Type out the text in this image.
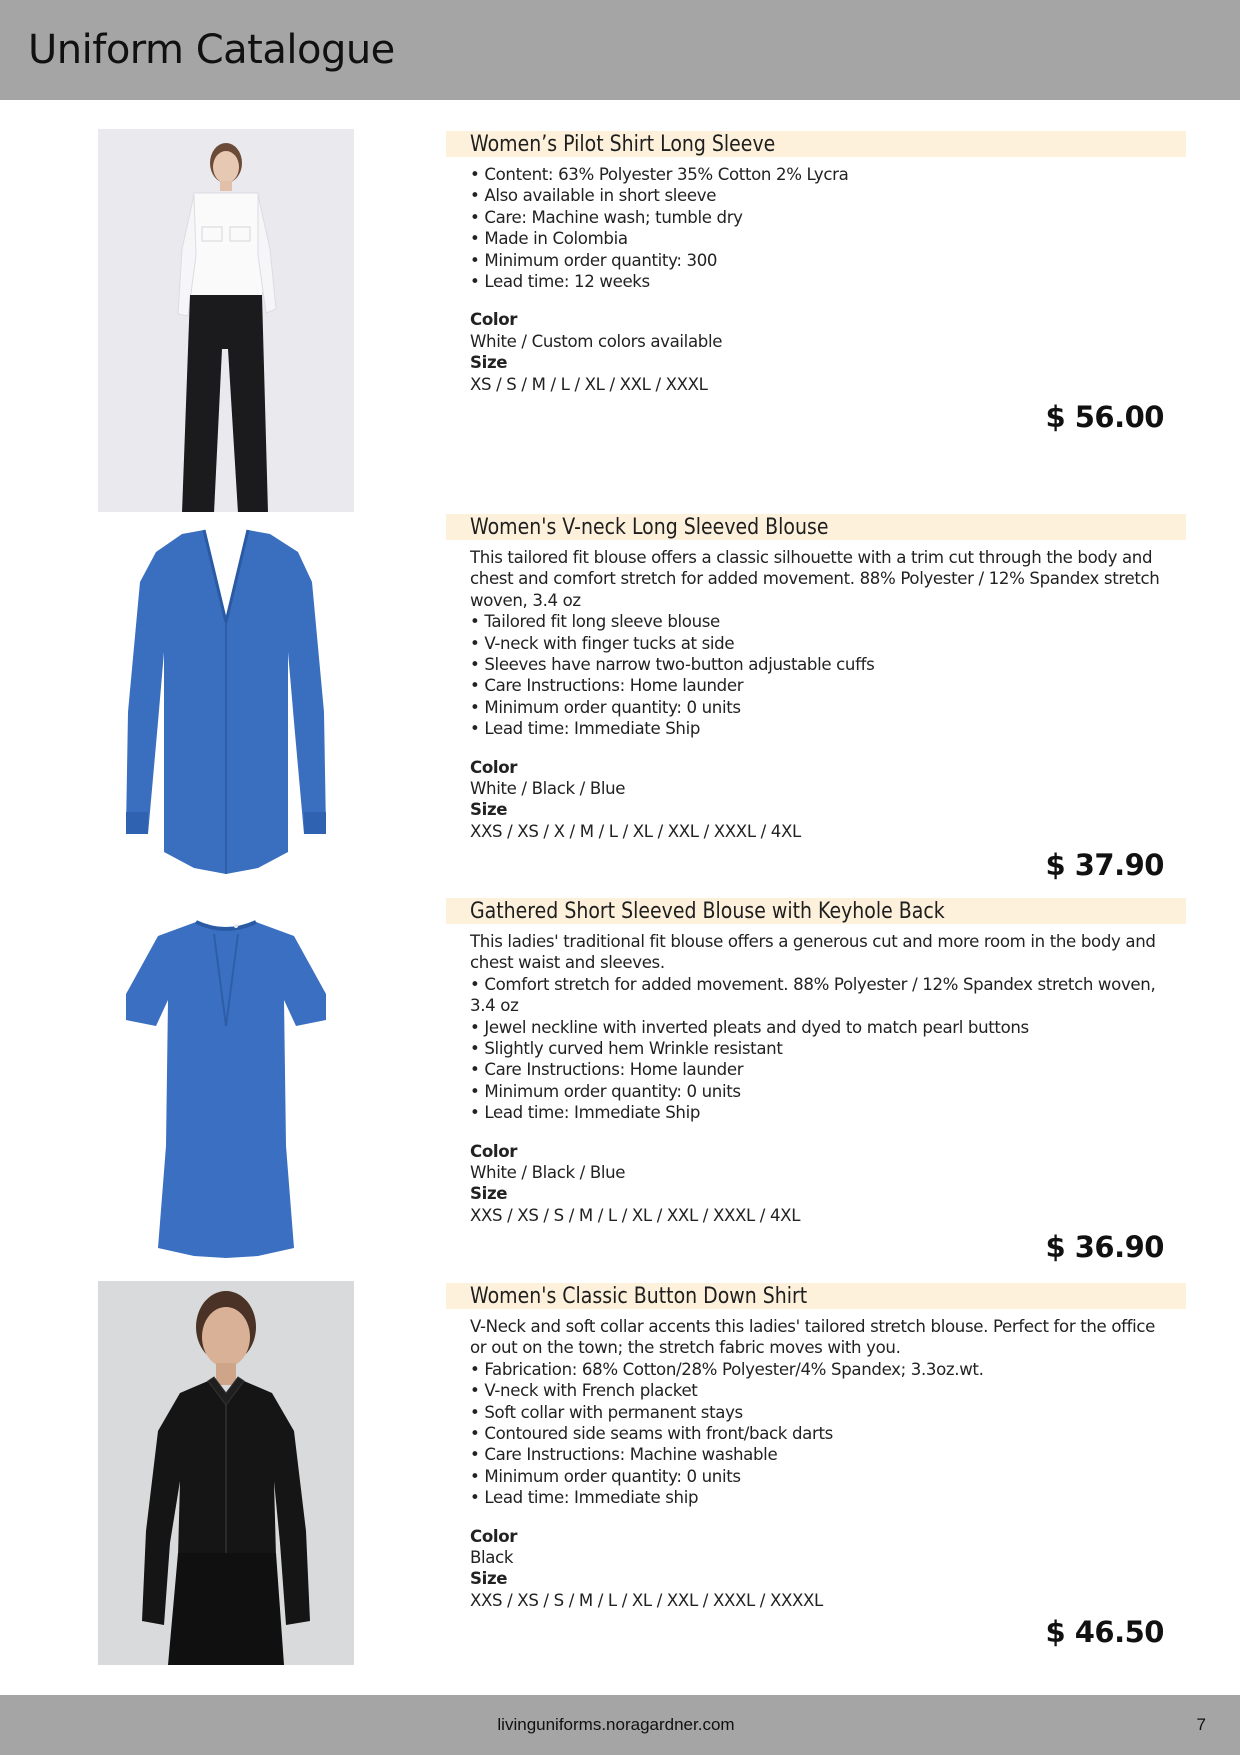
Uniform Catalogue
Women’s Pilot Shirt Long Sleeve
• Content: 63% Polyester 35% Cotton 2% Lycra
• Also available in short sleeve
• Care: Machine wash; tumble dry
• Made in Colombia
• Minimum order quantity: 300
• Lead time: 12 weeks
Color
White / Custom colors available
Size
XS / S / M / L / XL / XXL / XXXL
$ 56.00
Women's V-neck Long Sleeved Blouse

This tailored fit blouse offers a classic silhouette with a trim cut through the body and chest and comfort stretch for added movement. 88% Polyester / 12% Spandex stretch woven, 3.4 oz

• Tailored fit long sleeve blouse
• V-neck with finger tucks at side
• Sleeves have narrow two-button adjustable cuffs
• Care Instructions: Home launder
• Minimum order quantity: 0 units
• Lead time: Immediate Ship
Color
White / Black / Blue
Size
XXS / XS / X / M / L / XL / XXL / XXXL / 4XL
$ 37.90
Gathered Short Sleeved Blouse with Keyhole Back

This ladies' traditional fit blouse offers a generous cut and more room in the body and chest waist and sleeves.

• Comfort stretch for added movement. 88% Polyester / 12% Spandex stretch woven, 3.4 oz
• Jewel neckline with inverted pleats and dyed to match pearl buttons
• Slightly curved hem Wrinkle resistant
• Care Instructions: Home launder
• Minimum order quantity: 0 units
• Lead time: Immediate Ship
Color
White / Black / Blue
Size
XXS / XS / S / M / L / XL / XXL / XXXL / 4XL
$ 36.90
Women's Classic Button Down Shirt

V-Neck and soft collar accents this ladies' tailored stretch blouse. Perfect for the office or out on the town; the stretch fabric moves with you.

• Fabrication: 68% Cotton/28% Polyester/4% Spandex; 3.3oz.wt.
• V-neck with French placket
• Soft collar with permanent stays
• Contoured side seams with front/back darts
• Care Instructions: Machine washable
• Minimum order quantity: 0 units
• Lead time: Immediate ship
Color
Black
Size
XXS / XS / S / M / L / XL / XXL / XXXL / XXXXL
$ 46.50
livinguniforms.noragardner.com	7
